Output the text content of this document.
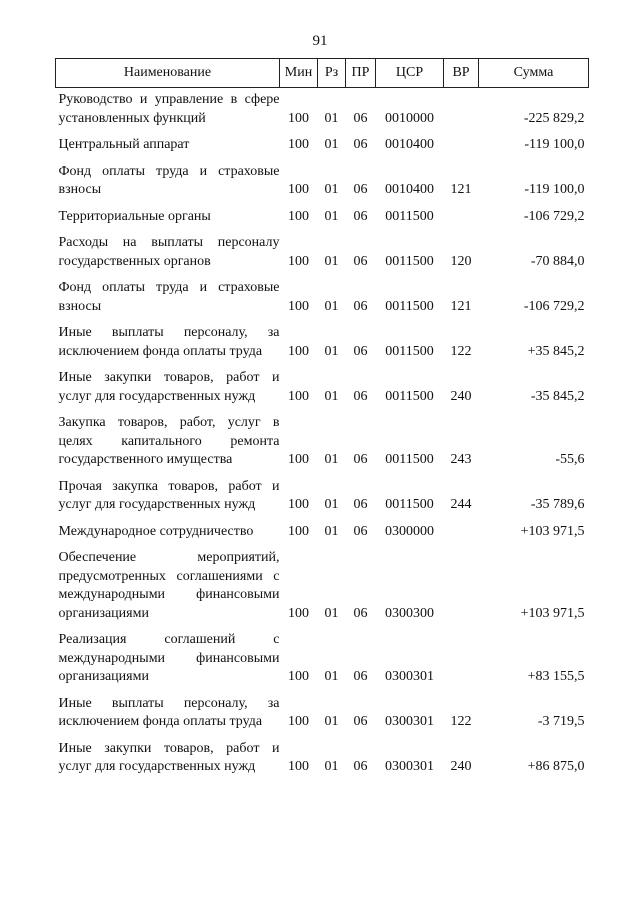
91
Наименование	Мин	Рз	ПР	ЦСР	ВР	Сумма
Руководство и управление в сфере установленных функций	100	01	06	0010000		-225 829,2
Центральный аппарат	100	01	06	0010400		-119 100,0
Фонд оплаты труда и страховые взносы	100	01	06	0010400	121	-119 100,0
Территориальные органы	100	01	06	0011500		-106 729,2
Расходы на выплаты персоналу государственных органов	100	01	06	0011500	120	-70 884,0
Фонд оплаты труда и страховые взносы	100	01	06	0011500	121	-106 729,2
Иные выплаты персоналу, за исключением фонда оплаты труда	100	01	06	0011500	122	+35 845,2
Иные закупки товаров, работ и услуг для государственных нужд	100	01	06	0011500	240	-35 845,2
Закупка товаров, работ, услуг в целях капитального ремонта государственного имущества	100	01	06	0011500	243	-55,6
Прочая закупка товаров, работ и услуг для государственных нужд	100	01	06	0011500	244	-35 789,6
Международное сотрудничество	100	01	06	0300000		+103 971,5
Обеспечение мероприятий, предусмотренных соглашениями с международными финансовыми организациями	100	01	06	0300300		+103 971,5
Реализация соглашений с международными финансовыми организациями	100	01	06	0300301		+83 155,5
Иные выплаты персоналу, за исключением фонда оплаты труда	100	01	06	0300301	122	-3 719,5
Иные закупки товаров, работ и услуг для государственных нужд	100	01	06	0300301	240	+86 875,0
